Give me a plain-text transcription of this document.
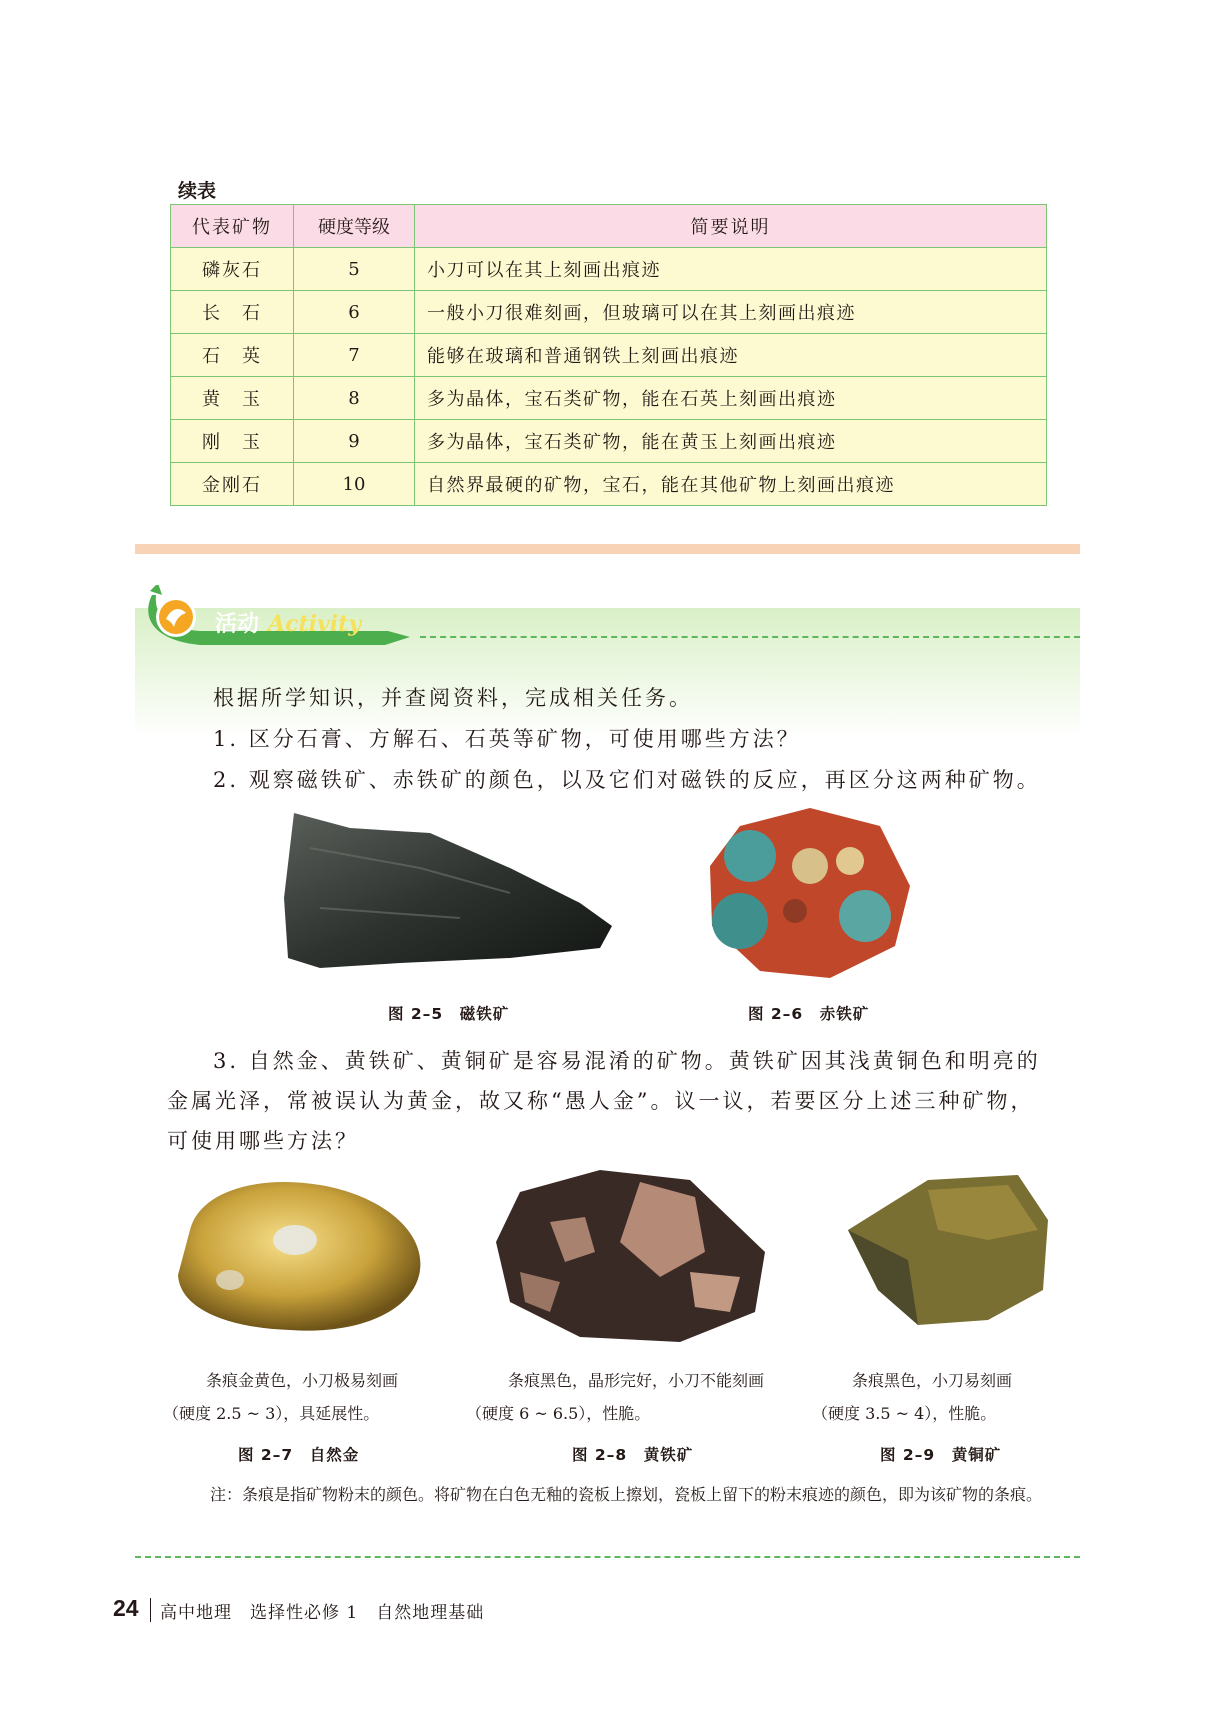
续表
代表矿物	硬度等级	简要说明
磷灰石	5	小刀可以在其上刻画出痕迹
长　石	6	一般小刀很难刻画，但玻璃可以在其上刻画出痕迹
石　英	7	能够在玻璃和普通钢铁上刻画出痕迹
黄　玉	8	多为晶体，宝石类矿物，能在石英上刻画出痕迹
刚　玉	9	多为晶体，宝石类矿物，能在黄玉上刻画出痕迹
金刚石	10	自然界最硬的矿物，宝石，能在其他矿物上刻画出痕迹
活动 Activity
根据所学知识，并查阅资料，完成相关任务。
1. 区分石膏、方解石、石英等矿物，可使用哪些方法？
2. 观察磁铁矿、赤铁矿的颜色，以及它们对磁铁的反应，再区分这两种矿物。
图 2–5　磁铁矿	图 2–6　赤铁矿
3. 自然金、黄铁矿、黄铜矿是容易混淆的矿物。黄铁矿因其浅黄铜色和明亮的
金属光泽，常被误认为黄金，故又称“愚人金”。议一议，若要区分上述三种矿物，
可使用哪些方法？
条痕金黄色，小刀极易刻画
（硬度 2.5 ~ 3），具延展性。
条痕黑色，晶形完好，小刀不能刻画
（硬度 6 ~ 6.5），性脆。
条痕黑色，小刀易刻画
（硬度 3.5 ~ 4），性脆。
图 2–7　自然金	图 2–8　黄铁矿	图 2–9　黄铜矿
注：条痕是指矿物粉末的颜色。将矿物在白色无釉的瓷板上擦划，瓷板上留下的粉末痕迹的颜色，即为该矿物的条痕。
24 高中地理　选择性必修 1　自然地理基础
